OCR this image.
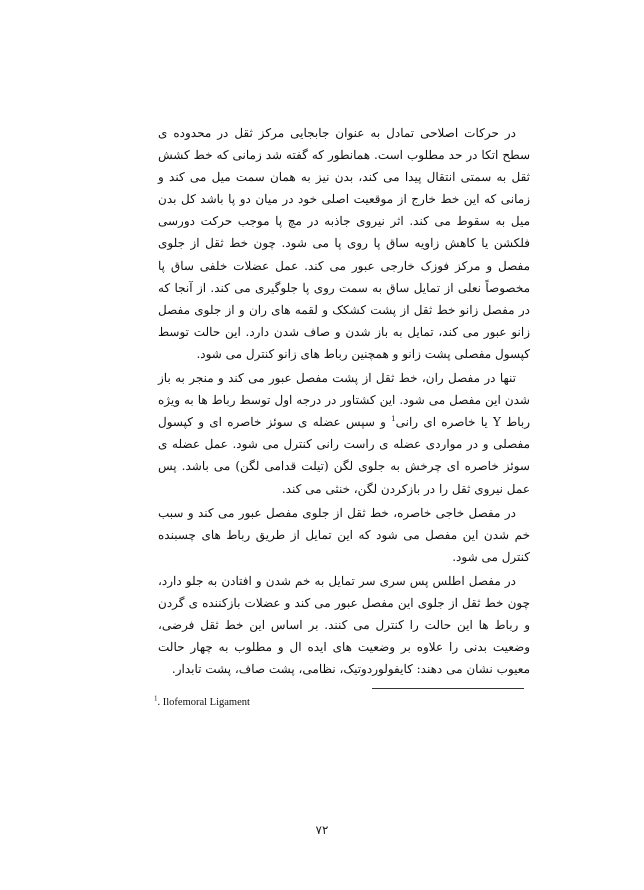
در حرکات اصلاحی تمادل به عنوان جابجایی مرکز ثقل در محدوده ی سطح اتکا در حد مطلوب است. همانطور که گفته شد زمانی که خط کشش ثقل به سمتی انتقال پیدا می کند، بدن نیز به همان سمت میل می کند و زمانی که این خط خارج از موقعیت اصلی خود در میان دو پا باشد کل بدن میل به سقوط می کند. اثر نیروی جاذبه در مچ پا موجب حرکت دورسی فلکشن یا کاهش زاویه ساق پا روی پا می شود. چون خط ثقل از جلوی مفصل و مرکز فوزک خارجی عبور می کند. عمل عضلات خلفی ساق پا مخصوصاً نعلی از تمایل ساق به سمت روی پا جلوگیری می کند. از آنجا که در مفصل زانو خط ثقل از پشت کشکک و لقمه های ران و از جلوی مفصل زانو عبور می کند، تمایل به باز شدن و صاف شدن دارد. این حالت توسط کپسول مفصلی پشت زانو و همچنین رباط های زانو کنترل می شود.

تنها در مفصل ران، خط ثقل از پشت مفصل عبور می کند و منجر به باز شدن این مفصل می شود. این کشتاور در درجه اول توسط رباط ها به ویژه رباط Y یا خاصره ای رانی$^1$ و سپس عضله ی سوئز خاصره ای و کپسول مفصلی و در مواردی عضله ی راست رانی کنترل می شود. عمل عضله ی سوئز خاصره ای چرخش به جلوی لگن (تیلت قدامی لگن) می باشد. پس عمل نیروی ثقل را در بازکردن لگن، خنثی می کند.

در مفصل خاجی خاصره، خط ثقل از جلوی مفصل عبور می کند و سبب خم شدن این مفصل می شود که این تمایل از طریق رباط های چسبنده کنترل می شود.

در مفصل اطلس پس سری سر تمایل به خم شدن و افتادن به جلو دارد، چون خط ثقل از جلوی این مفصل عبور می کند و عضلات بازکننده ی گردن و رباط ها این حالت را کنترل می کنند. بر اساس این خط ثقل فرضی، وضعیت بدنی را علاوه بر وضعیت های ایده ال و مطلوب به چهار حالت معیوب نشان می دهند: کایفولوردوتیک، نظامی، پشت صاف، پشت تابدار.

$^1$. Ilofemoral Ligament
۷۲
